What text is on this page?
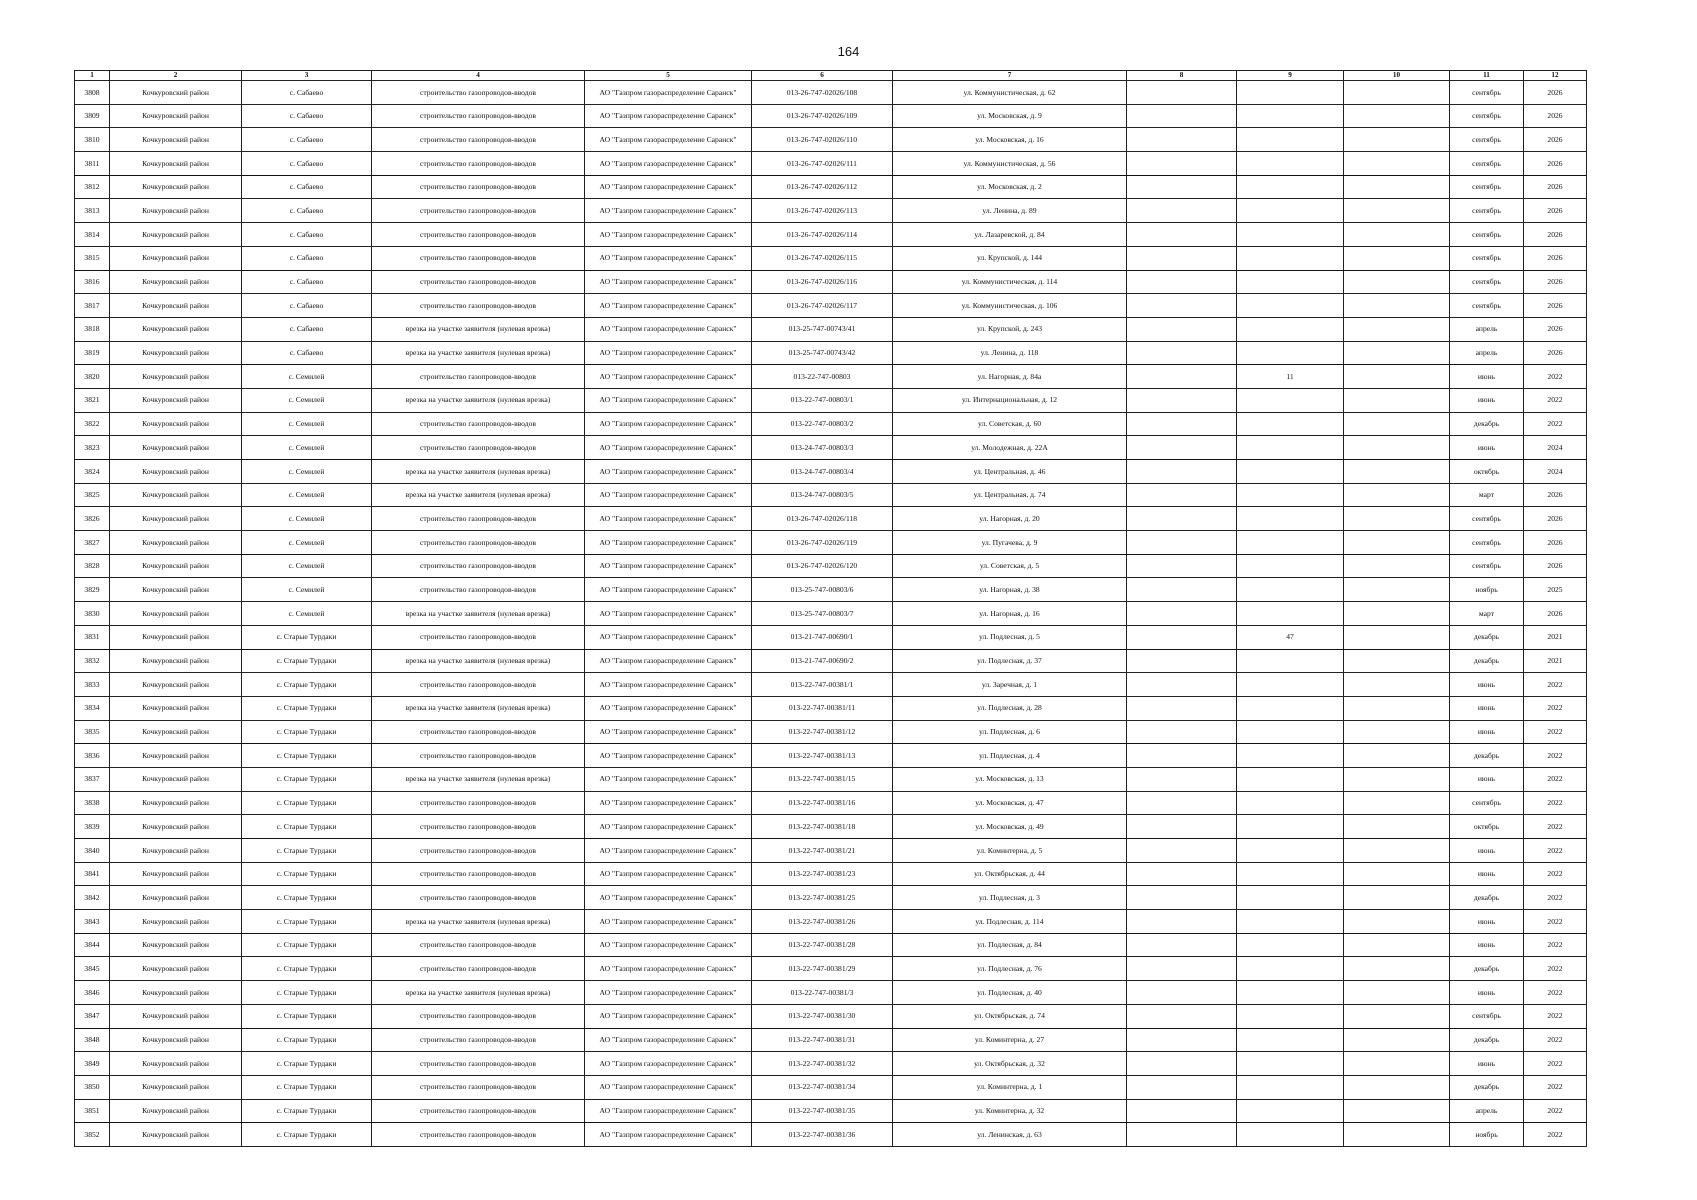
164
1	2	3	4	5	6	7	8	9	10	11	12
3808	Кочкуровский район	с. Сабаево	строительство газопроводов-вводов	АО "Газпром газораспределение Саранск"	013-26-747-02026/108	ул. Коммунистическая, д. 62				сентябрь	2026
3809	Кочкуровский район	с. Сабаево	строительство газопроводов-вводов	АО "Газпром газораспределение Саранск"	013-26-747-02026/109	ул. Московская, д. 9				сентябрь	2026
3810	Кочкуровский район	с. Сабаево	строительство газопроводов-вводов	АО "Газпром газораспределение Саранск"	013-26-747-02026/110	ул. Московская, д. 16				сентябрь	2026
3811	Кочкуровский район	с. Сабаево	строительство газопроводов-вводов	АО "Газпром газораспределение Саранск"	013-26-747-02026/111	ул. Коммунистическая, д. 56				сентябрь	2026
3812	Кочкуровский район	с. Сабаево	строительство газопроводов-вводов	АО "Газпром газораспределение Саранск"	013-26-747-02026/112	ул. Московская, д. 2				сентябрь	2026
3813	Кочкуровский район	с. Сабаево	строительство газопроводов-вводов	АО "Газпром газораспределение Саранск"	013-26-747-02026/113	ул. Ленина, д. 89				сентябрь	2026
3814	Кочкуровский район	с. Сабаево	строительство газопроводов-вводов	АО "Газпром газораспределение Саранск"	013-26-747-02026/114	ул. Лазаревской, д. 84				сентябрь	2026
3815	Кочкуровский район	с. Сабаево	строительство газопроводов-вводов	АО "Газпром газораспределение Саранск"	013-26-747-02026/115	ул. Крупской, д. 144				сентябрь	2026
3816	Кочкуровский район	с. Сабаево	строительство газопроводов-вводов	АО "Газпром газораспределение Саранск"	013-26-747-02026/116	ул. Коммунистическая, д. 114				сентябрь	2026
3817	Кочкуровский район	с. Сабаево	строительство газопроводов-вводов	АО "Газпром газораспределение Саранск"	013-26-747-02026/117	ул. Коммунистическая, д. 106				сентябрь	2026
3818	Кочкуровский район	с. Сабаево	врезка на участке заявителя (нулевая врезка)	АО "Газпром газораспределение Саранск"	013-25-747-00743/41	ул. Крупской, д. 243				апрель	2026
3819	Кочкуровский район	с. Сабаево	врезка на участке заявителя (нулевая врезка)	АО "Газпром газораспределение Саранск"	013-25-747-00743/42	ул. Ленина, д. 118				апрель	2026
3820	Кочкуровский район	с. Семилей	строительство газопроводов-вводов	АО "Газпром газораспределение Саранск"	013-22-747-00803	ул. Нагорная, д. 84а		11		июнь	2022
3821	Кочкуровский район	с. Семилей	врезка на участке заявителя (нулевая врезка)	АО "Газпром газораспределение Саранск"	013-22-747-00803/1	ул. Интернациональная, д. 12				июнь	2022
3822	Кочкуровский район	с. Семилей	строительство газопроводов-вводов	АО "Газпром газораспределение Саранск"	013-22-747-00803/2	ул. Советская, д. 60				декабрь	2022
3823	Кочкуровский район	с. Семилей	строительство газопроводов-вводов	АО "Газпром газораспределение Саранск"	013-24-747-00803/3	ул. Молодежная, д. 22А				июнь	2024
3824	Кочкуровский район	с. Семилей	врезка на участке заявителя (нулевая врезка)	АО "Газпром газораспределение Саранск"	013-24-747-00803/4	ул. Центральная, д. 46				октябрь	2024
3825	Кочкуровский район	с. Семилей	врезка на участке заявителя (нулевая врезка)	АО "Газпром газораспределение Саранск"	013-24-747-00803/5	ул. Центральная, д. 74				март	2026
3826	Кочкуровский район	с. Семилей	строительство газопроводов-вводов	АО "Газпром газораспределение Саранск"	013-26-747-02026/118	ул. Нагорная, д. 20				сентябрь	2026
3827	Кочкуровский район	с. Семилей	строительство газопроводов-вводов	АО "Газпром газораспределение Саранск"	013-26-747-02026/119	ул. Пугачева, д. 9				сентябрь	2026
3828	Кочкуровский район	с. Семилей	строительство газопроводов-вводов	АО "Газпром газораспределение Саранск"	013-26-747-02026/120	ул. Советская, д. 5				сентябрь	2026
3829	Кочкуровский район	с. Семилей	строительство газопроводов-вводов	АО "Газпром газораспределение Саранск"	013-25-747-00803/6	ул. Нагорная, д. 38				ноябрь	2025
3830	Кочкуровский район	с. Семилей	врезка на участке заявителя (нулевая врезка)	АО "Газпром газораспределение Саранск"	013-25-747-00803/7	ул. Нагорная, д. 16				март	2026
3831	Кочкуровский район	с. Старые Турдаки	строительство газопроводов-вводов	АО "Газпром газораспределение Саранск"	013-21-747-00690/1	ул. Подлесная, д. 5		47		декабрь	2021
3832	Кочкуровский район	с. Старые Турдаки	врезка на участке заявителя (нулевая врезка)	АО "Газпром газораспределение Саранск"	013-21-747-00690/2	ул. Подлесная, д. 37				декабрь	2021
3833	Кочкуровский район	с. Старые Турдаки	строительство газопроводов-вводов	АО "Газпром газораспределение Саранск"	013-22-747-00381/1	ул. Заречная, д. 1				июнь	2022
3834	Кочкуровский район	с. Старые Турдаки	врезка на участке заявителя (нулевая врезка)	АО "Газпром газораспределение Саранск"	013-22-747-00381/11	ул. Подлесная, д. 28				июнь	2022
3835	Кочкуровский район	с. Старые Турдаки	строительство газопроводов-вводов	АО "Газпром газораспределение Саранск"	013-22-747-00381/12	ул. Подлесная, д. 6				июнь	2022
3836	Кочкуровский район	с. Старые Турдаки	строительство газопроводов-вводов	АО "Газпром газораспределение Саранск"	013-22-747-00381/13	ул. Подлесная, д. 4				декабрь	2022
3837	Кочкуровский район	с. Старые Турдаки	врезка на участке заявителя (нулевая врезка)	АО "Газпром газораспределение Саранск"	013-22-747-00381/15	ул. Московская, д. 13				июнь	2022
3838	Кочкуровский район	с. Старые Турдаки	строительство газопроводов-вводов	АО "Газпром газораспределение Саранск"	013-22-747-00381/16	ул. Московская, д. 47				сентябрь	2022
3839	Кочкуровский район	с. Старые Турдаки	строительство газопроводов-вводов	АО "Газпром газораспределение Саранск"	013-22-747-00381/18	ул. Московская, д. 49				октябрь	2022
3840	Кочкуровский район	с. Старые Турдаки	строительство газопроводов-вводов	АО "Газпром газораспределение Саранск"	013-22-747-00381/21	ул. Коминтерна, д. 5				июнь	2022
3841	Кочкуровский район	с. Старые Турдаки	строительство газопроводов-вводов	АО "Газпром газораспределение Саранск"	013-22-747-00381/23	ул. Октябрьская, д. 44				июнь	2022
3842	Кочкуровский район	с. Старые Турдаки	строительство газопроводов-вводов	АО "Газпром газораспределение Саранск"	013-22-747-00381/25	ул. Подлесная, д. 3				декабрь	2022
3843	Кочкуровский район	с. Старые Турдаки	врезка на участке заявителя (нулевая врезка)	АО "Газпром газораспределение Саранск"	013-22-747-00381/26	ул. Подлесная, д. 114				июнь	2022
3844	Кочкуровский район	с. Старые Турдаки	строительство газопроводов-вводов	АО "Газпром газораспределение Саранск"	013-22-747-00381/28	ул. Подлесная, д. 84				июнь	2022
3845	Кочкуровский район	с. Старые Турдаки	строительство газопроводов-вводов	АО "Газпром газораспределение Саранск"	013-22-747-00381/29	ул. Подлесная, д. 76				декабрь	2022
3846	Кочкуровский район	с. Старые Турдаки	врезка на участке заявителя (нулевая врезка)	АО "Газпром газораспределение Саранск"	013-22-747-00381/3	ул. Подлесная, д. 40				июнь	2022
3847	Кочкуровский район	с. Старые Турдаки	строительство газопроводов-вводов	АО "Газпром газораспределение Саранск"	013-22-747-00381/30	ул. Октябрьская, д. 74				сентябрь	2022
3848	Кочкуровский район	с. Старые Турдаки	строительство газопроводов-вводов	АО "Газпром газораспределение Саранск"	013-22-747-00381/31	ул. Коминтерна, д. 27				декабрь	2022
3849	Кочкуровский район	с. Старые Турдаки	строительство газопроводов-вводов	АО "Газпром газораспределение Саранск"	013-22-747-00381/32	ул. Октябрьская, д. 32				июнь	2022
3850	Кочкуровский район	с. Старые Турдаки	строительство газопроводов-вводов	АО "Газпром газораспределение Саранск"	013-22-747-00381/34	ул. Коминтерна, д. 1				декабрь	2022
3851	Кочкуровский район	с. Старые Турдаки	строительство газопроводов-вводов	АО "Газпром газораспределение Саранск"	013-22-747-00381/35	ул. Коминтерна, д. 32				апрель	2022
3852	Кочкуровский район	с. Старые Турдаки	строительство газопроводов-вводов	АО "Газпром газораспределение Саранск"	013-22-747-00381/36	ул. Ленинская, д. 63				ноябрь	2022
